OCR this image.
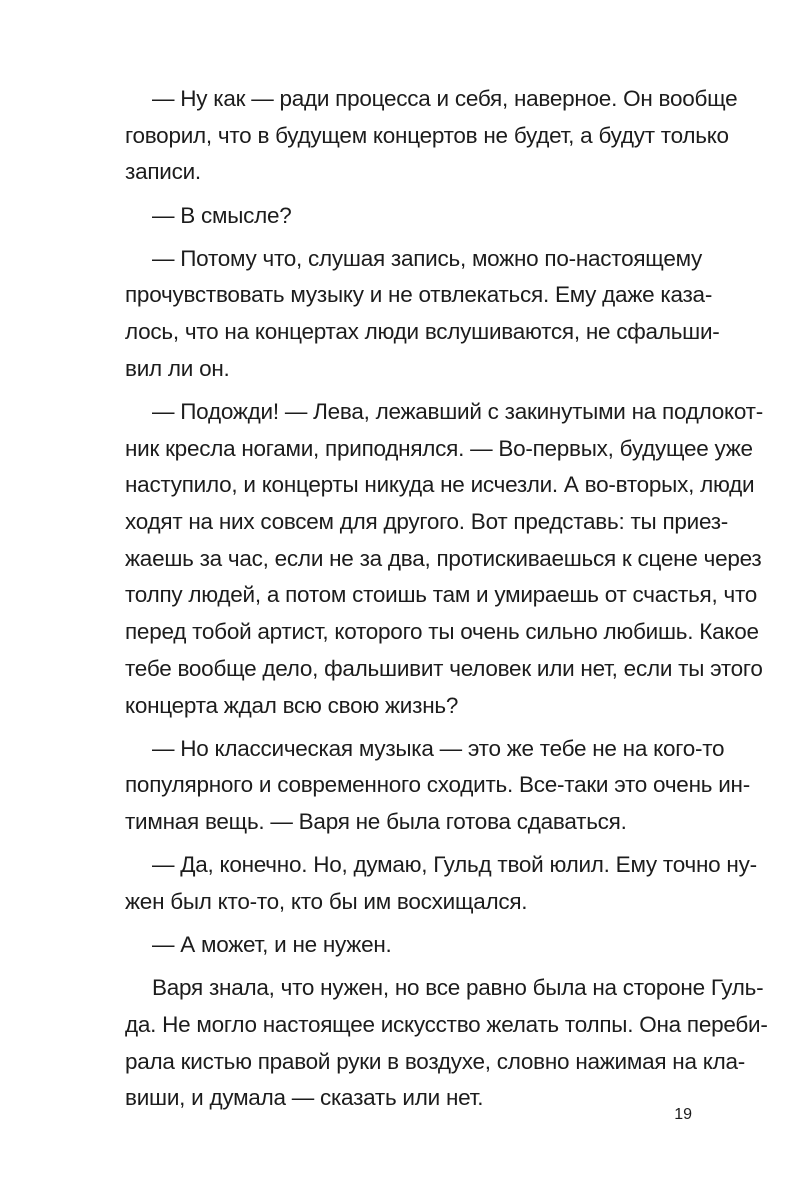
— Ну как — ради процесса и себя, наверное. Он вообще
говорил, что в будущем концертов не будет, а будут только
записи.
— В смысле?
— Потому что, слушая запись, можно по-настоящему
прочувствовать музыку и не отвлекаться. Ему даже каза-
лось, что на концертах люди вслушиваются, не сфальши-
вил ли он.
— Подожди! — Лева, лежавший с закинутыми на подлокот-
ник кресла ногами, приподнялся. — Во-первых, будущее уже
наступило, и концерты никуда не исчезли. А во-вторых, люди
ходят на них совсем для другого. Вот представь: ты приез-
жаешь за час, если не за два, протискиваешься к сцене через
толпу людей, а потом стоишь там и умираешь от счастья, что
перед тобой артист, которого ты очень сильно любишь. Какое
тебе вообще дело, фальшивит человек или нет, если ты этого
концерта ждал всю свою жизнь?
— Но классическая музыка — это же тебе не на кого-то
популярного и современного сходить. Все-таки это очень ин-
тимная вещь. — Варя не была готова сдаваться.
— Да, конечно. Но, думаю, Гульд твой юлил. Ему точно ну-
жен был кто-то, кто бы им восхищался.
— А может, и не нужен.
Варя знала, что нужен, но все равно была на стороне Гуль-
да. Не могло настоящее искусство желать толпы. Она переби-
рала кистью правой руки в воздухе, словно нажимая на кла-
виши, и думала — сказать или нет.
19
